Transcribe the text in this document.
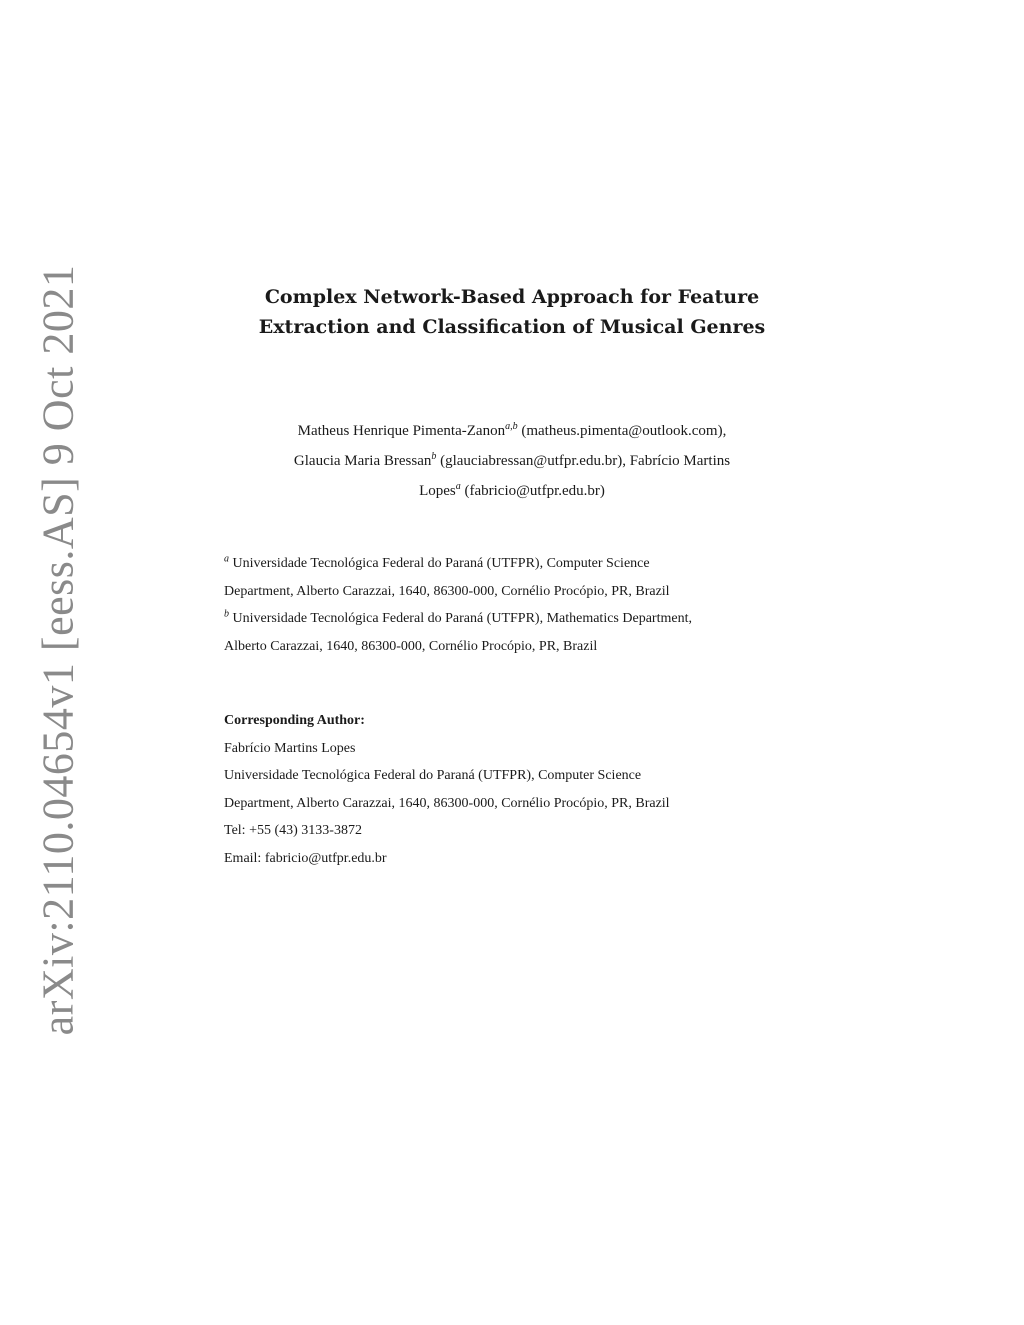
arXiv:2110.04654v1 [eess.AS] 9 Oct 2021	Complex Network-Based Approach for Feature
Extraction and Classification of Musical Genres
Matheus Henrique Pimenta-Zanon$^{a,b}$ (matheus.pimenta@outlook.com),
Glaucia Maria Bressan$^b$ (glauciabressan@utfpr.edu.br), Fabrício Martins
Lopes$^a$ (fabricio@utfpr.edu.br)
$^a$ Universidade Tecnológica Federal do Paraná (UTFPR), Computer Science
Department, Alberto Carazzai, 1640, 86300-000, Cornélio Procópio, PR, Brazil
$^b$ Universidade Tecnológica Federal do Paraná (UTFPR), Mathematics Department,
Alberto Carazzai, 1640, 86300-000, Cornélio Procópio, PR, Brazil
Corresponding Author:
Fabrício Martins Lopes
Universidade Tecnológica Federal do Paraná (UTFPR), Computer Science
Department, Alberto Carazzai, 1640, 86300-000, Cornélio Procópio, PR, Brazil
Tel: +55 (43) 3133-3872
Email: fabricio@utfpr.edu.br
